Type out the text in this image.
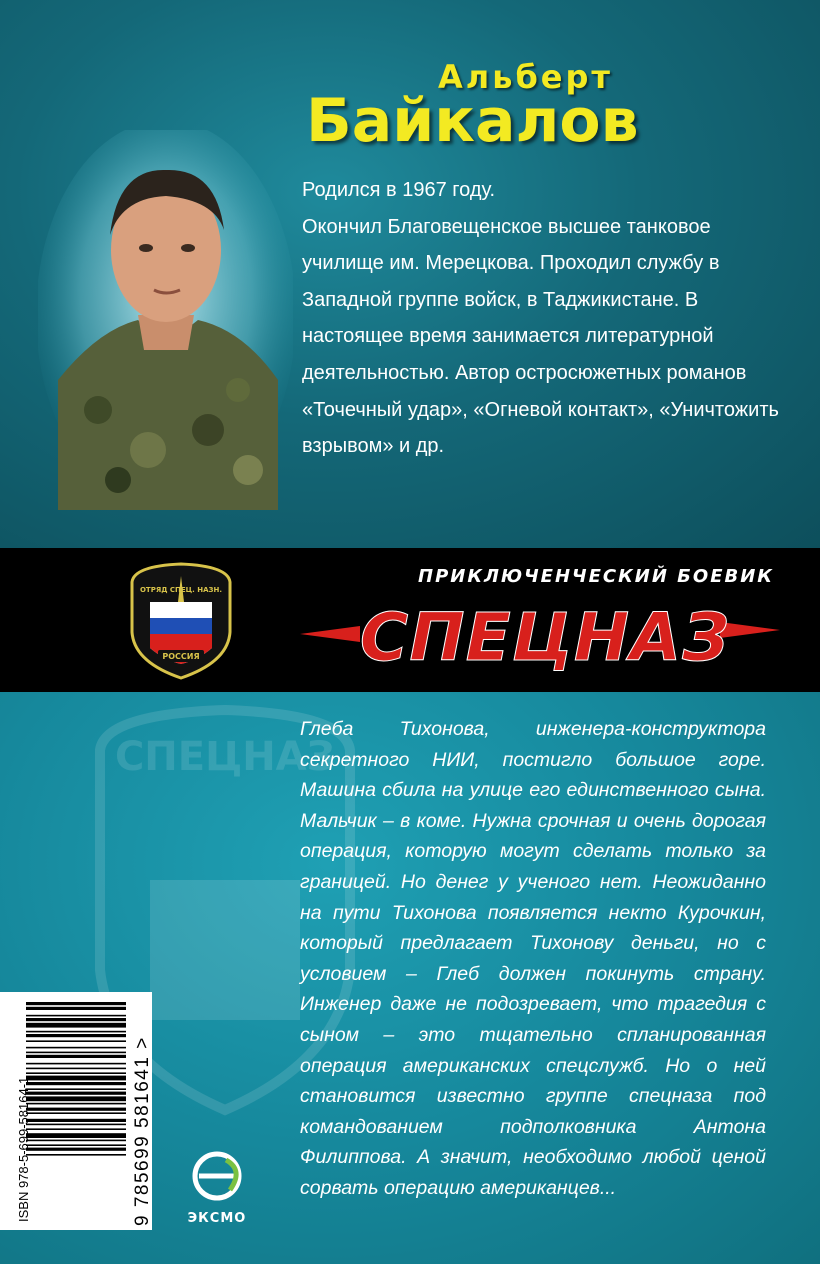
Альберт
Байкалов

Родился в 1967 году.

Окончил Благовещенское высшее танковое училище им. Мерецкова. Проходил службу в Западной группе войск, в Таджикистане. В настоящее время занимается литературной деятельностью. Автор остросюжетных романов «Точечный удар», «Огневой контакт», «Уничтожить взрывом» и др.

ОТРЯД СПЕЦ. НАЗН.
РОССИЯ
ПРИКЛЮЧЕНЧЕСКИЙ БОЕВИК
СПЕЦНАЗ
СПЕЦНАЗ
Глеба Тихонова, инженера-конструктора секретного НИИ, постигло большое горе. Машина сбила на улице его единственного сына. Мальчик – в коме. Нужна срочная и очень дорогая операция, которую могут сделать только за границей. Но денег у ученого нет. Неожиданно на пути Тихонова появляется некто Курочкин, который предлагает Тихонову деньги, но с условием – Глеб должен покинуть страну. Инженер даже не подозревает, что трагедия с сыном – это тщательно спланированная операция американских спецслужб. Но о ней становится известно группе спецназа под командованием подполковника Антона Филиппова. А значит, необходимо любой ценой сорвать операцию американцев...
ISBN 978-5-699-58164-1	9 785699 581641 >	ЭКСМО
